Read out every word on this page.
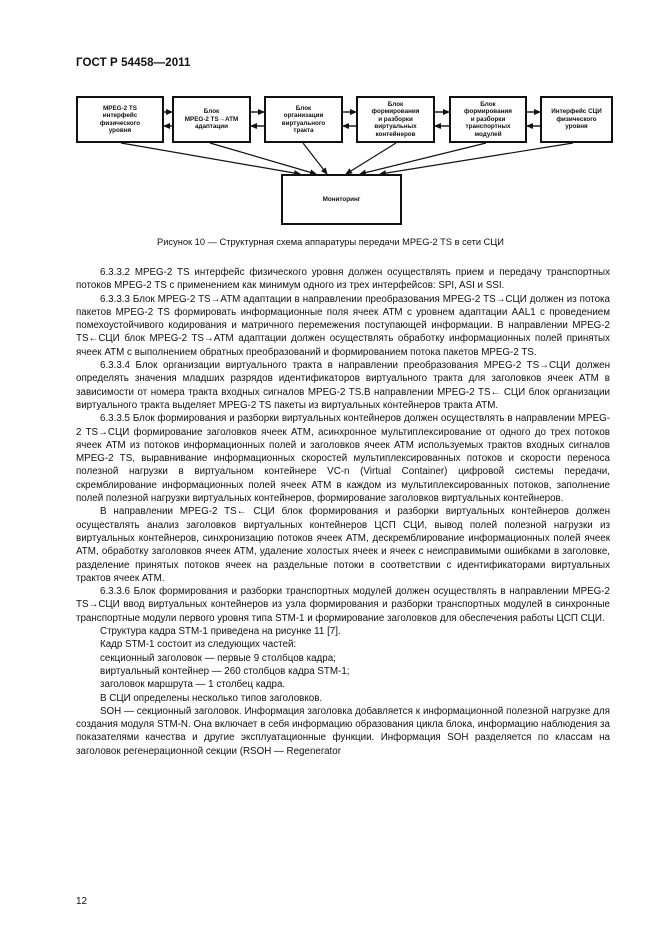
ГОСТ Р 54458—2011
MPEG-2 TS
интерфейс
физического
уровня
Блок
MPEG-2 TS→ATM
адаптации
Блок
организации
виртуального
тракта
Блок
формирования
и разборки
виртуальных
контейнеров
Блок
формирования
и разборки
транспортных
модулей
Интерфейс СЦИ
физического
уровня
Мониторинг
Рисунок 10 — Структурная схема аппаратуры передачи MPEG-2 TS в сети СЦИ

6.3.3.2 MPEG-2 TS интерфейс физического уровня должен осуществлять прием и передачу транспортных потоков MPEG-2 TS с применением как минимум одного из трех интерфейсов: SPI, ASI и SSI.

6.3.3.3 Блок MPEG-2 TS→ATM адаптации в направлении преобразования MPEG-2 TS→СЦИ должен из потока пакетов MPEG-2 TS формировать информационные поля ячеек ATM с уровнем адаптации AAL1 с проведением помехоустойчивого кодирования и матричного перемежения поступающей информации. В направлении MPEG-2 TS←СЦИ блок MPEG-2 TS→ATM адаптации должен осуществлять обработку информационных полей принятых ячеек ATM с выполнением обратных преобразований и формированием потока пакетов MPEG-2 TS.

6.3.3.4 Блок организации виртуального тракта в направлении преобразования MPEG-2 TS→СЦИ должен определять значения младших разрядов идентификаторов виртуального тракта для заголовков ячеек ATM в зависимости от номера тракта входных сигналов MPEG-2 TS.В направлении MPEG-2 TS← СЦИ блок организации виртуального тракта выделяет MPEG-2 TS пакеты из виртуальных контейнеров тракта ATM.

6.3.3.5 Блок формирования и разборки виртуальных контейнеров должен осуществлять в направлении MPEG-2 TS→СЦИ формирование заголовков ячеек ATM, асинхронное мультиплексирование от одного до трех потоков ячеек ATM из потоков информационных полей и заголовков ячеек ATM используемых трактов входных сигналов MPEG-2 TS, выравнивание информационных скоростей мультиплексированных потоков и скорости переноса полезной нагрузки в виртуальном контейнере VC-n (Virtual Container) цифровой системы передачи, скремблирование информационных полей ячеек ATM в каждом из мультиплексированных потоков, заполнение полей полезной нагрузки виртуальных контейнеров, формирование заголовков виртуальных контейнеров.

В направлении MPEG-2 TS← СЦИ блок формирования и разборки виртуальных контейнеров должен осуществлять анализ заголовков виртуальных контейнеров ЦСП СЦИ, вывод полей полезной нагрузки из виртуальных контейнеров, синхронизацию потоков ячеек ATM, дескремблирование информационных полей ячеек ATM, обработку заголовков ячеек ATM, удаление холостых ячеек и ячеек с неисправимыми ошибками в заголовке, разделение принятых потоков ячеек на раздельные потоки в соответствии с идентификаторами виртуальных трактов ячеек ATM.

6.3.3.6 Блок формирования и разборки транспортных модулей должен осуществлять в направлении MPEG-2 TS→СЦИ ввод виртуальных контейнеров из узла формирования и разборки транспортных модулей в синхронные транспортные модули первого уровня типа STM-1 и формирование заголовков для обеспечения работы ЦСП СЦИ.

Структура кадра STM-1 приведена на рисунке 11 [7].

Кадр STM-1 состоит из следующих частей:

секционный заголовок — первые 9 столбцов кадра;

виртуальный контейнер — 260 столбцов кадра STM-1;

заголовок маршрута — 1 столбец кадра.

В СЦИ определены несколько типов заголовков.

SOH — секционный заголовок. Информация заголовка добавляется к информационной полезной нагрузке для создания модуля STM-N. Она включает в себя информацию образования цикла блока, информацию наблюдения за показателями качества и другие эксплуатационные функции. Информация SOH разделяется по классам на заголовок регенерационной секции (RSOH — Regenerator

12
